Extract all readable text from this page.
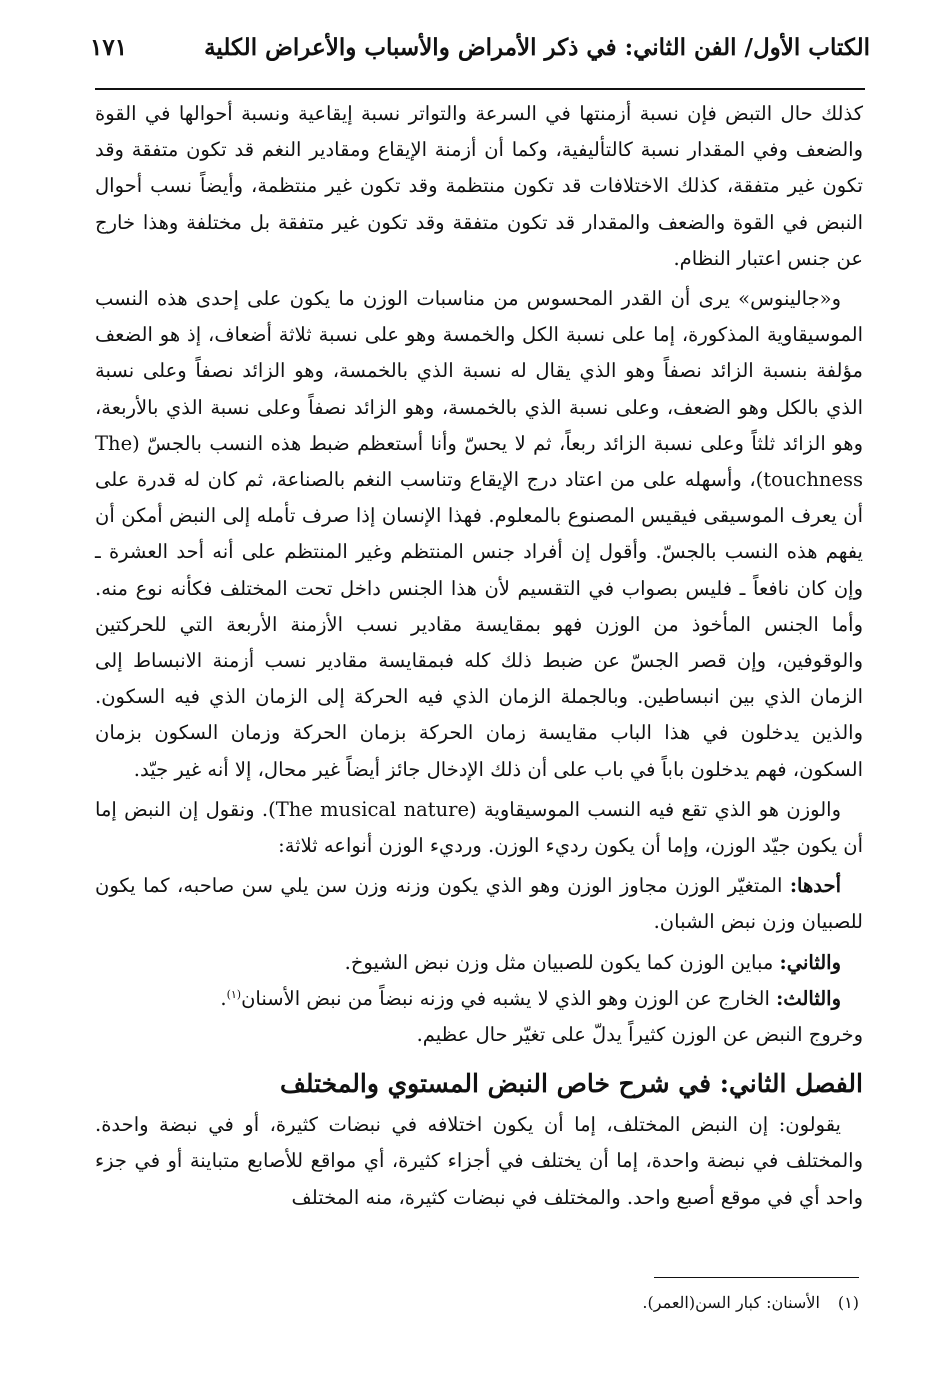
الكتاب الأول/ الفن الثاني: في ذكر الأمراض والأسباب والأعراض الكلية
١٧١

كذلك حال التبض فإن نسبة أزمنتها في السرعة والتواتر نسبة إيقاعية ونسبة أحوالها في القوة والضعف وفي المقدار نسبة كالتأليفية، وكما أن أزمنة الإيقاع ومقادير النغم قد تكون متفقة وقد تكون غير متفقة، كذلك الاختلافات قد تكون منتظمة وقد تكون غير منتظمة، وأيضاً نسب أحوال النبض في القوة والضعف والمقدار قد تكون متفقة وقد تكون غير متفقة بل مختلفة وهذا خارج عن جنس اعتبار النظام.

و«جالينوس» يرى أن القدر المحسوس من مناسبات الوزن ما يكون على إحدى هذه النسب الموسيقاوية المذكورة، إما على نسبة الكل والخمسة وهو على نسبة ثلاثة أضعاف، إذ هو الضعف مؤلفة بنسبة الزائد نصفاً وهو الذي يقال له نسبة الذي بالخمسة، وهو الزائد نصفاً وعلى نسبة الذي بالكل وهو الضعف، وعلى نسبة الذي بالخمسة، وهو الزائد نصفاً وعلى نسبة الذي بالأربعة، وهو الزائد ثلثاً وعلى نسبة الزائد ربعاً، ثم لا يحسّ وأنا أستعظم ضبط هذه النسب بالجسّ (The touchness)، وأسهله على من اعتاد درج الإيقاع وتناسب النغم بالصناعة، ثم كان له قدرة على أن يعرف الموسيقى فيقيس المصنوع بالمعلوم. فهذا الإنسان إذا صرف تأمله إلى النبض أمكن أن يفهم هذه النسب بالجسّ. وأقول إن أفراد جنس المنتظم وغير المنتظم على أنه أحد العشرة ـ وإن كان نافعاً ـ فليس بصواب في التقسيم لأن هذا الجنس داخل تحت المختلف فكأنه نوع منه. وأما الجنس المأخوذ من الوزن فهو بمقايسة مقادير نسب الأزمنة الأربعة التي للحركتين والوقوفين، وإن قصر الجسّ عن ضبط ذلك كله فبمقايسة مقادير نسب أزمنة الانبساط إلى الزمان الذي بين انبساطين. وبالجملة الزمان الذي فيه الحركة إلى الزمان الذي فيه السكون. والذين يدخلون في هذا الباب مقايسة زمان الحركة بزمان الحركة وزمان السكون بزمان السكون، فهم يدخلون باباً في باب على أن ذلك الإدخال جائز أيضاً غير محال، إلا أنه غير جيّد.

والوزن هو الذي تقع فيه النسب الموسيقاوية (The musical nature). ونقول إن النبض إما أن يكون جيّد الوزن، وإما أن يكون رديء الوزن. ورديء الوزن أنواعه ثلاثة:

أحدها: المتغيّر الوزن مجاوز الوزن وهو الذي يكون وزنه وزن سن يلي سن صاحبه، كما يكون للصبيان وزن نبض الشبان.

والثاني: مباين الوزن كما يكون للصبيان مثل وزن نبض الشيوخ.

والثالث: الخارج عن الوزن وهو الذي لا يشبه في وزنه نبضاً من نبض الأسنان$^{(١)}$.

وخروج النبض عن الوزن كثيراً يدلّ على تغيّر حال عظيم.

الفصل الثاني: في شرح خاص النبض المستوي والمختلف

يقولون: إن النبض المختلف، إما أن يكون اختلافه في نبضات كثيرة، أو في نبضة واحدة. والمختلف في نبضة واحدة، إما أن يختلف في أجزاء كثيرة، أي مواقع للأصابع متباينة أو في جزء واحد أي في موقع أصبع واحد. والمختلف في نبضات كثيرة، منه المختلف

(١)الأسنان: كبار السن(العمر).
